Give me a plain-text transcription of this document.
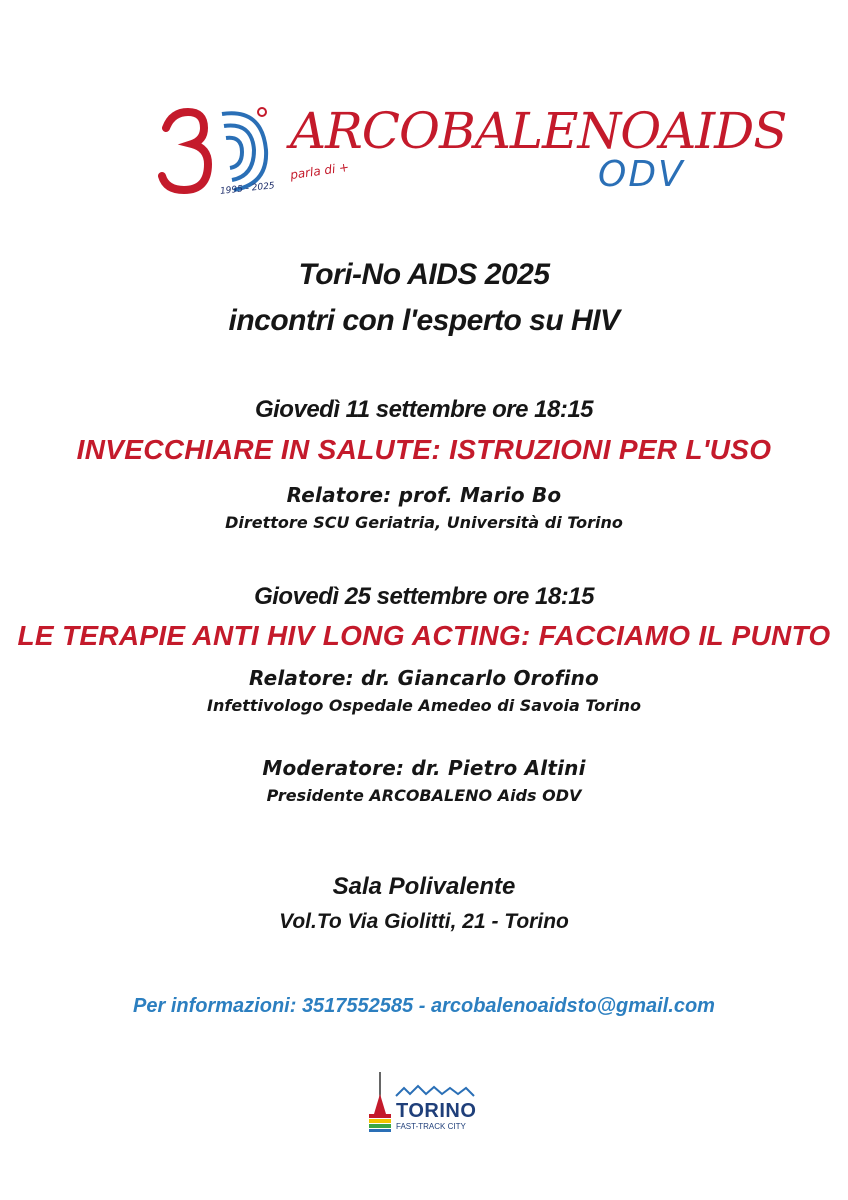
1995 - 2025
ARCOBALENOAIDS
parla di +	ODV
Tori-No AIDS 2025
incontri con l'esperto su HIV
Giovedì 11 settembre ore 18:15
INVECCHIARE IN SALUTE: ISTRUZIONI PER L'USO
Relatore: prof. Mario Bo
Direttore SCU Geriatria, Università di Torino
Giovedì 25 settembre ore 18:15
LE TERAPIE ANTI HIV LONG ACTING: FACCIAMO IL PUNTO
Relatore: dr. Giancarlo Orofino
Infettivologo Ospedale Amedeo di Savoia Torino
Moderatore: dr. Pietro Altini
Presidente ARCOBALENO Aids ODV
Sala Polivalente
Vol.To Via Giolitti, 21 - Torino
Per informazioni: 3517552585 - arcobalenoaidsto@gmail.com
TORINO
FAST-TRACK CITY
